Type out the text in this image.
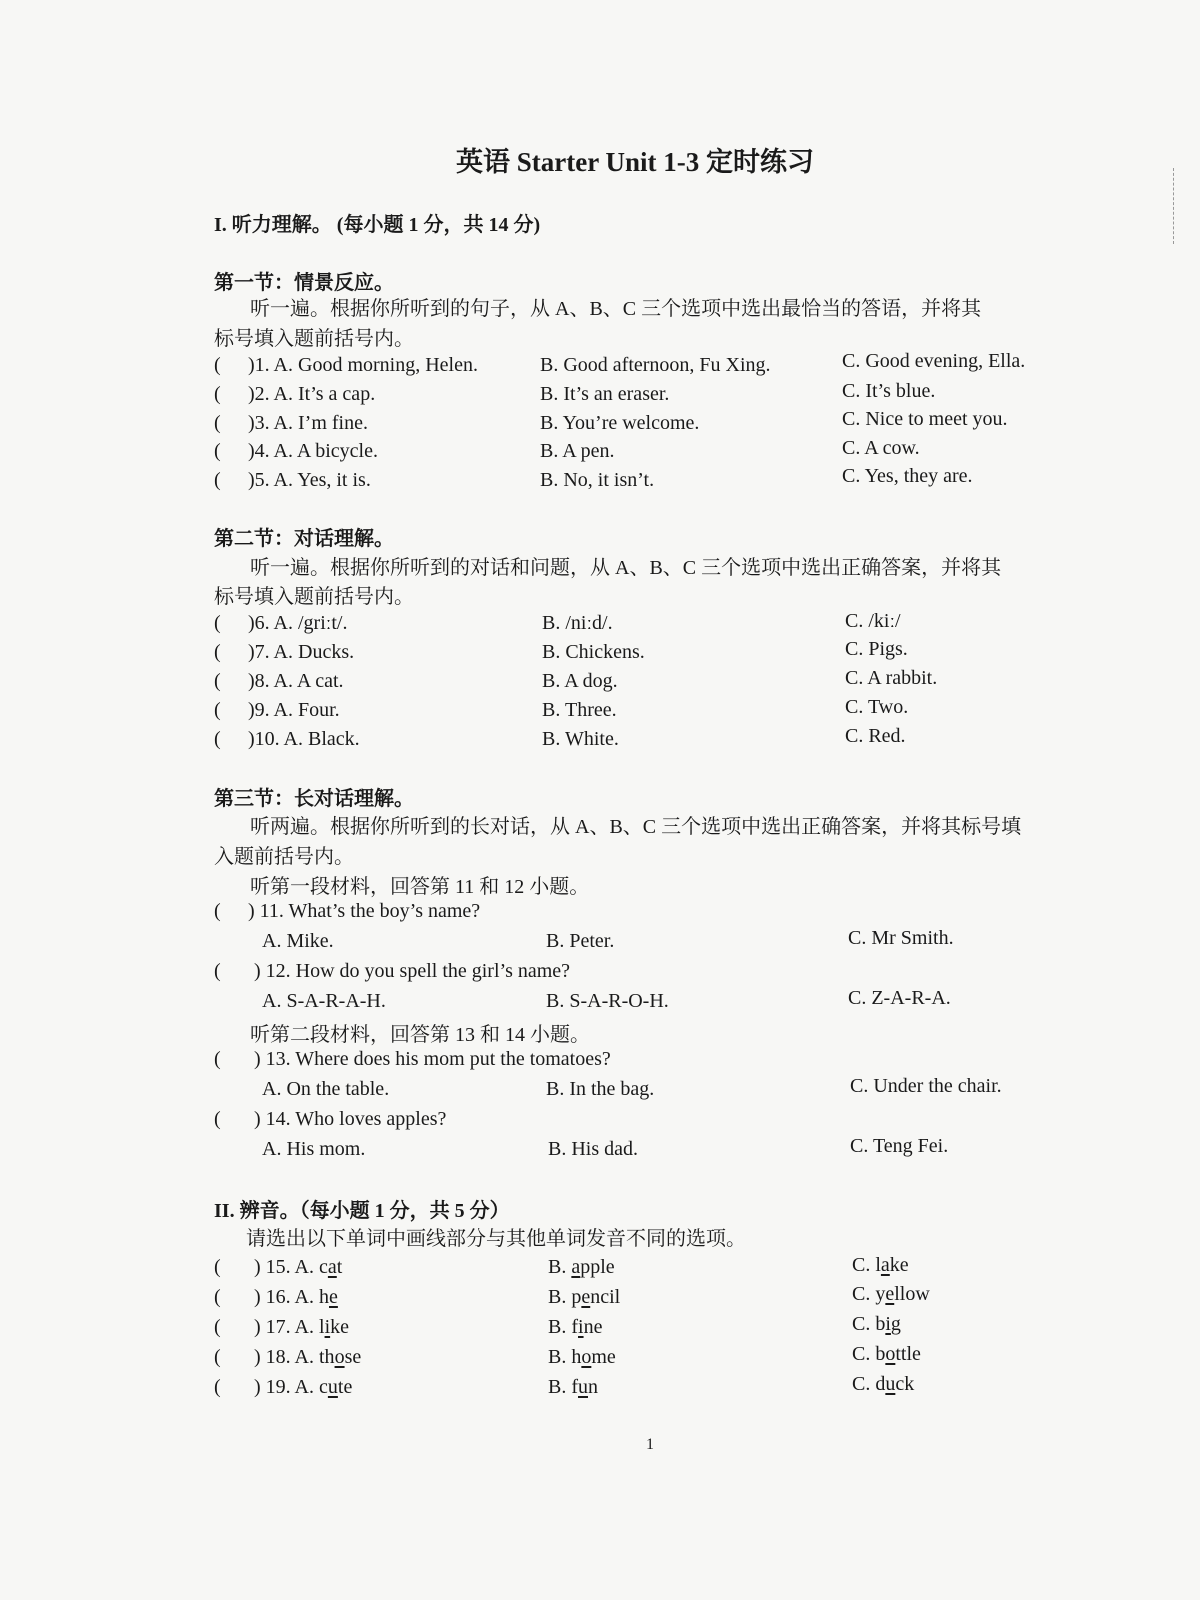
英语 Starter Unit 1-3 定时练习
I. 听力理解。 (每小题 1 分，共 14 分)
第一节：情景反应。
听一遍。根据你所听到的句子，从 A、B、C 三个选项中选出最恰当的答语，并将其
标号填入题前括号内。
( )1. A. Good morning, Helen.	B. Good afternoon, Fu Xing.	C. Good evening, Ella.
( )2. A. It’s a cap.	B. It’s an eraser.	C. It’s blue.
( )3. A. I’m fine.	B. You’re welcome.	C. Nice to meet you.
( )4. A. A bicycle.	B. A pen.	C. A cow.
( )5. A. Yes, it is.	B. No, it isn’t.	C. Yes, they are.
第二节：对话理解。
听一遍。根据你所听到的对话和问题，从 A、B、C 三个选项中选出正确答案，并将其
标号填入题前括号内。
( )6. A. /griːt/.	B. /niːd/.	C. /kiː/
( )7. A. Ducks.	B. Chickens.	C. Pigs.
( )8. A. A cat.	B. A dog.	C. A rabbit.
( )9. A. Four.	B. Three.	C. Two.
( )10. A. Black.	B. White.	C. Red.
第三节：长对话理解。
听两遍。根据你所听到的长对话，从 A、B、C 三个选项中选出正确答案，并将其标号填
入题前括号内。
听第一段材料，回答第 11 和 12 小题。
( ) 11. What’s the boy’s name?
A. Mike.	B. Peter.	C. Mr Smith.
( ) 12. How do you spell the girl’s name?
A. S-A-R-A-H.	B. S-A-R-O-H.	C. Z-A-R-A.
听第二段材料，回答第 13 和 14 小题。
( ) 13. Where does his mom put the tomatoes?
A. On the table.	B. In the bag.	C. Under the chair.
( ) 14. Who loves apples?
A. His mom.	B. His dad.	C. Teng Fei.
II. 辨音。（每小题 1 分，共 5 分）
请选出以下单词中画线部分与其他单词发音不同的选项。
( ) 15. A. cat	B. apple	C. lake
( ) 16. A. he	B. pencil	C. yellow
( ) 17. A. like	B. fine	C. big
( ) 18. A. those	B. home	C. bottle
( ) 19. A. cute	B. fun	C. duck
1
